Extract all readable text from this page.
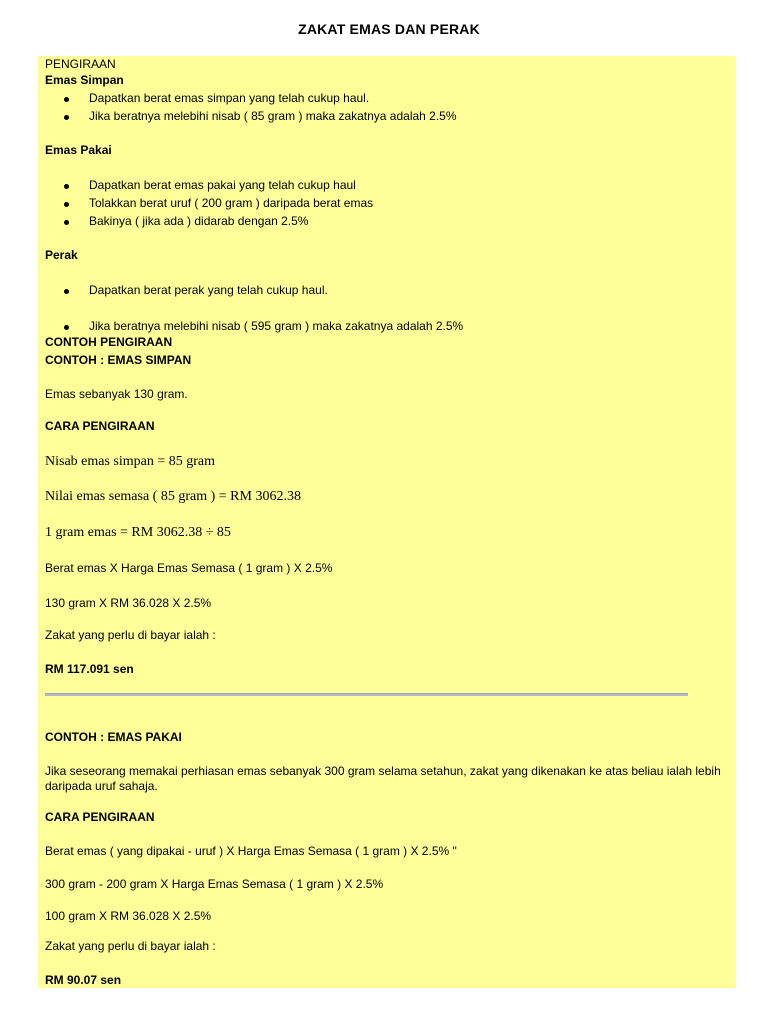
ZAKAT EMAS DAN PERAK
PENGIRAAN
Emas Simpan
Dapatkan berat emas simpan yang telah cukup haul.
Jika beratnya melebihi nisab ( 85 gram ) maka zakatnya adalah 2.5%
Emas Pakai
Dapatkan berat emas pakai yang telah cukup haul
Tolakkan berat uruf ( 200 gram ) daripada berat emas
Bakinya ( jika ada ) didarab dengan 2.5%
Perak
Dapatkan berat perak yang telah cukup haul.
Jika beratnya melebihi nisab ( 595 gram ) maka zakatnya adalah 2.5%
CONTOH PENGIRAAN
CONTOH : EMAS SIMPAN
Emas sebanyak 130 gram.
CARA PENGIRAAN
Nisab emas simpan = 85 gram
Nilai emas semasa ( 85 gram ) = RM 3062.38
1 gram emas = RM 3062.38 ÷ 85
Berat emas X Harga Emas Semasa ( 1 gram ) X 2.5%
130 gram X RM 36.028 X 2.5%
Zakat yang perlu di bayar ialah :
RM 117.091 sen
CONTOH : EMAS PAKAI
Jika seseorang memakai perhiasan emas sebanyak 300 gram selama setahun, zakat yang dikenakan ke atas beliau ialah lebih daripada uruf sahaja.
CARA PENGIRAAN
Berat emas ( yang dipakai - uruf ) X Harga Emas Semasa ( 1 gram ) X 2.5% "
300 gram - 200 gram X Harga Emas Semasa ( 1 gram ) X 2.5%
100 gram X RM 36.028 X 2.5%
Zakat yang perlu di bayar ialah :
RM 90.07 sen
